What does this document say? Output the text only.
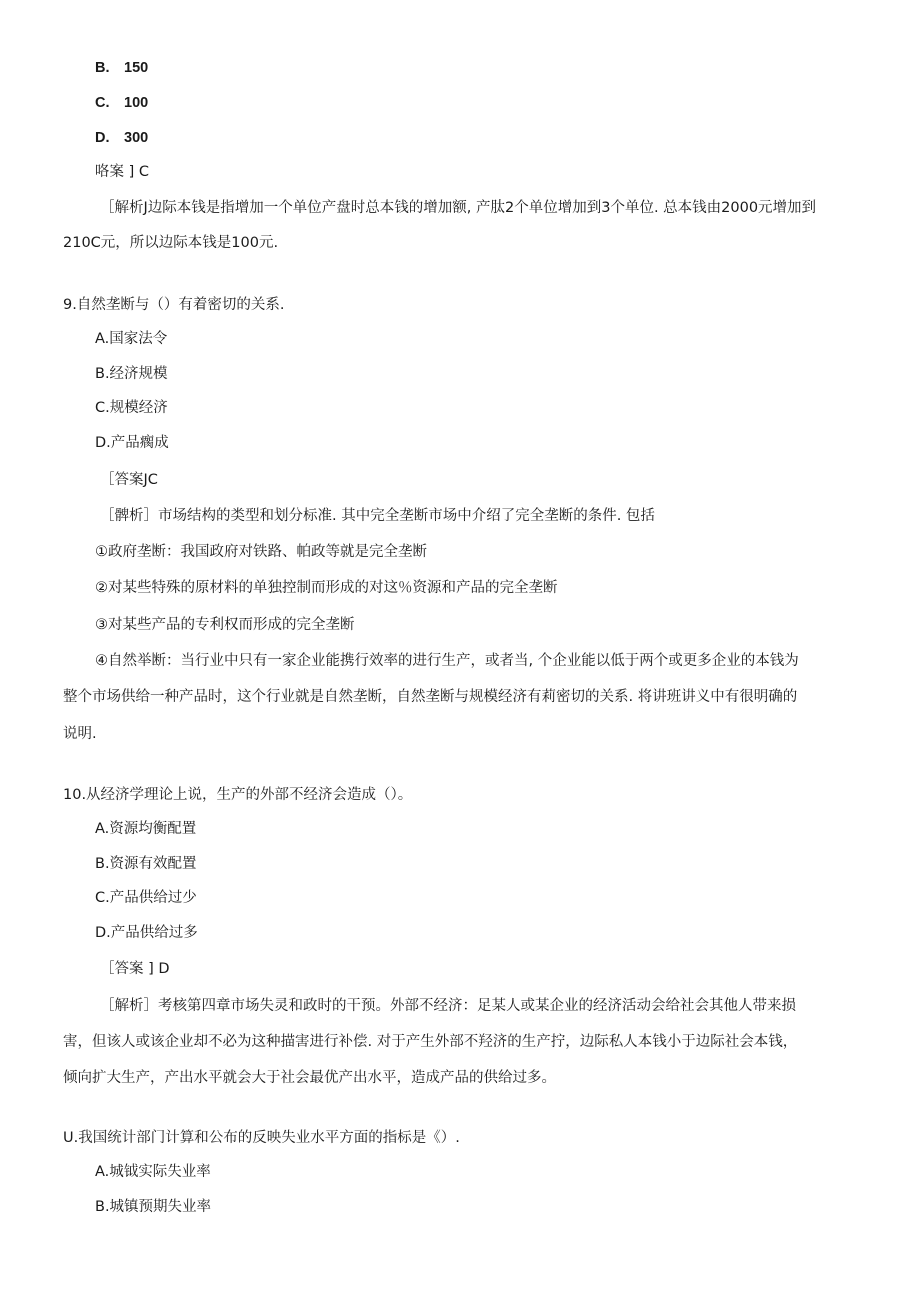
B.　150
C.　100
D.　300
咯案 ] C
［解析J边际本钱是指增加一个单位产盘时总本钱的增加额, 产肽2个单位增加到3个单位. 总本钱由2000元增加到
210C元，所以边际本钱是100元.
9.自然垄断与（）有着密切的关系.
A.国家法令
B.经济规模
C.规模经济
D.产品瘸成
［答案JC
［髀析］市场结构的类型和划分标准. 其中完全垄断市场中介绍了完全垄断的条件. 包括
①政府垄断：我国政府对铁路、帕政等就是完全垄断
②对某些特殊的原材料的单独控制而形成的对这％资源和产品的完全垄断
③对某些产品的专利权而形成的完全垄断
④自然举断：当行业中只有一家企业能携行效率的进行生产，或者当, 个企业能以低于两个或更多企业的本钱为
整个市场供给一种产品时，这个行业就是自然垄断，自然垄断与规模经济有莉密切的关系. 将讲班讲义中有很明确的
说明.
10.从经济学理论上说，生产的外部不经济会造成（）。
A.资源均衡配置
B.资源有效配置
C.产品供给过少
D.产品供给过多
［答案 ] D
［解析］考核第四章市场失灵和政时的干预。外部不经济：足某人或某企业的经济活动会给社会其他人带来损
害，但该人或该企业却不必为这种描害进行补偿. 对于产生外部不羟济的生产拧，边际私人本钱小于边际社会本钱，
倾向扩大生产，产出水平就会大于社会最优产出水平，造成产品的供给过多。
U.我国统计部门计算和公布的反映失业水平方面的指标是《）.
A.城钺实际失业率
B.城镇预期失业率
